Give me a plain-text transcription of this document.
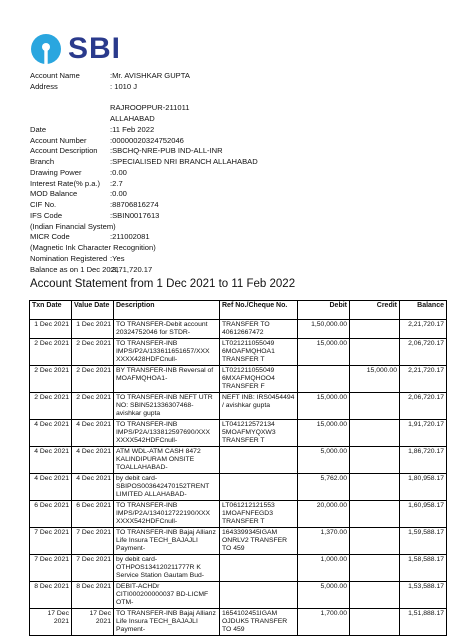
SBI
Account Name	:Mr. AVISHKAR GUPTA
Address	: 1010 J
RAJROOPPUR-211011
ALLAHABAD
Date	:11 Feb 2022
Account Number	:00000020324752046
Account Description	:SBCHQ-NRE-PUB IND-ALL-INR
Branch	:SPECIALISED NRI BRANCH ALLAHABAD
Drawing Power	:0.00
Interest Rate(% p.a.)	:2.7
MOD Balance	:0.00
CIF No.	:88706816274
IFS Code	:SBIN0017613
(Indian Financial System)
MICR Code	:211002081
(Magnetic Ink Character Recognition)
Nomination Registered :Yes
Balance as on 1 Dec 2021
:3,71,720.17
Account Statement from 1 Dec 2021 to 11 Feb 2022
Txn Date	Value Date	Description	Ref No./Cheque No.	Debit	Credit	Balance
1 Dec 2021	1 Dec 2021	TO TRANSFER-Debit account 20324752046 for STDR-	TRANSFER TO 40612667472	1,50,000.00		2,21,720.17
2 Dec 2021	2 Dec 2021	TO TRANSFER-INB IMPS/P2A/133611651657/XXX XXXX428HDFCnull-	LT021211055049 6MOAFMQHOA1 TRANSFER T	15,000.00		2,06,720.17
2 Dec 2021	2 Dec 2021	BY TRANSFER-INB Reversal of MOAFMQHOA1-	LT021211055049 6MXAFMQHOO4 TRANSFER F		15,000.00	2,21,720.17
2 Dec 2021	2 Dec 2021	TO TRANSFER-INB NEFT UTR NO: SBIN521336307468-avishkar gupta	NEFT INB: IRS0454494 / avishkar gupta	15,000.00		2,06,720.17
4 Dec 2021	4 Dec 2021	TO TRANSFER-INB IMPS/P2A/133812597690/XXX XXXX542HDFCnull-	LT041212572134 5MOAFMYQXW3 TRANSFER T	15,000.00		1,91,720.17
4 Dec 2021	4 Dec 2021	ATM WDL-ATM CASH 8472 KALINDIPURAM ONSITE TOALLAHABAD-		5,000.00		1,86,720.17
4 Dec 2021	4 Dec 2021	by debit card-SBIPOS003642470152TRENT LIMITED ALLAHABAD-		5,762.00		1,80,958.17
6 Dec 2021	6 Dec 2021	TO TRANSFER-INB IMPS/P2A/134012722190/XXX XXXX542HDFCnull-	LT061212121553 1MOAFNFEGD3 TRANSFER T	20,000.00		1,60,958.17
7 Dec 2021	7 Dec 2021	TO TRANSFER-INB Bajaj Allianz Life Insura TECH_BAJAJLI Payment-	1643399345IGAM ONRLV2 TRANSFER TO 459	1,370.00		1,59,588.17
7 Dec 2021	7 Dec 2021	by debit card-OTHPOS134120211777R K Service Station Gautam Bud-		1,000.00		1,58,588.17
8 Dec 2021	8 Dec 2021	DEBIT-ACHDr CITI000200000037 BD-LICMF OTM-		5,000.00		1,53,588.17
17 Dec 2021	17 Dec 2021	TO TRANSFER-INB Bajaj Allianz Life Insura TECH_BAJAJLI Payment-	1654102451IGAM OJDUK5 TRANSFER TO 459	1,700.00		1,51,888.17
